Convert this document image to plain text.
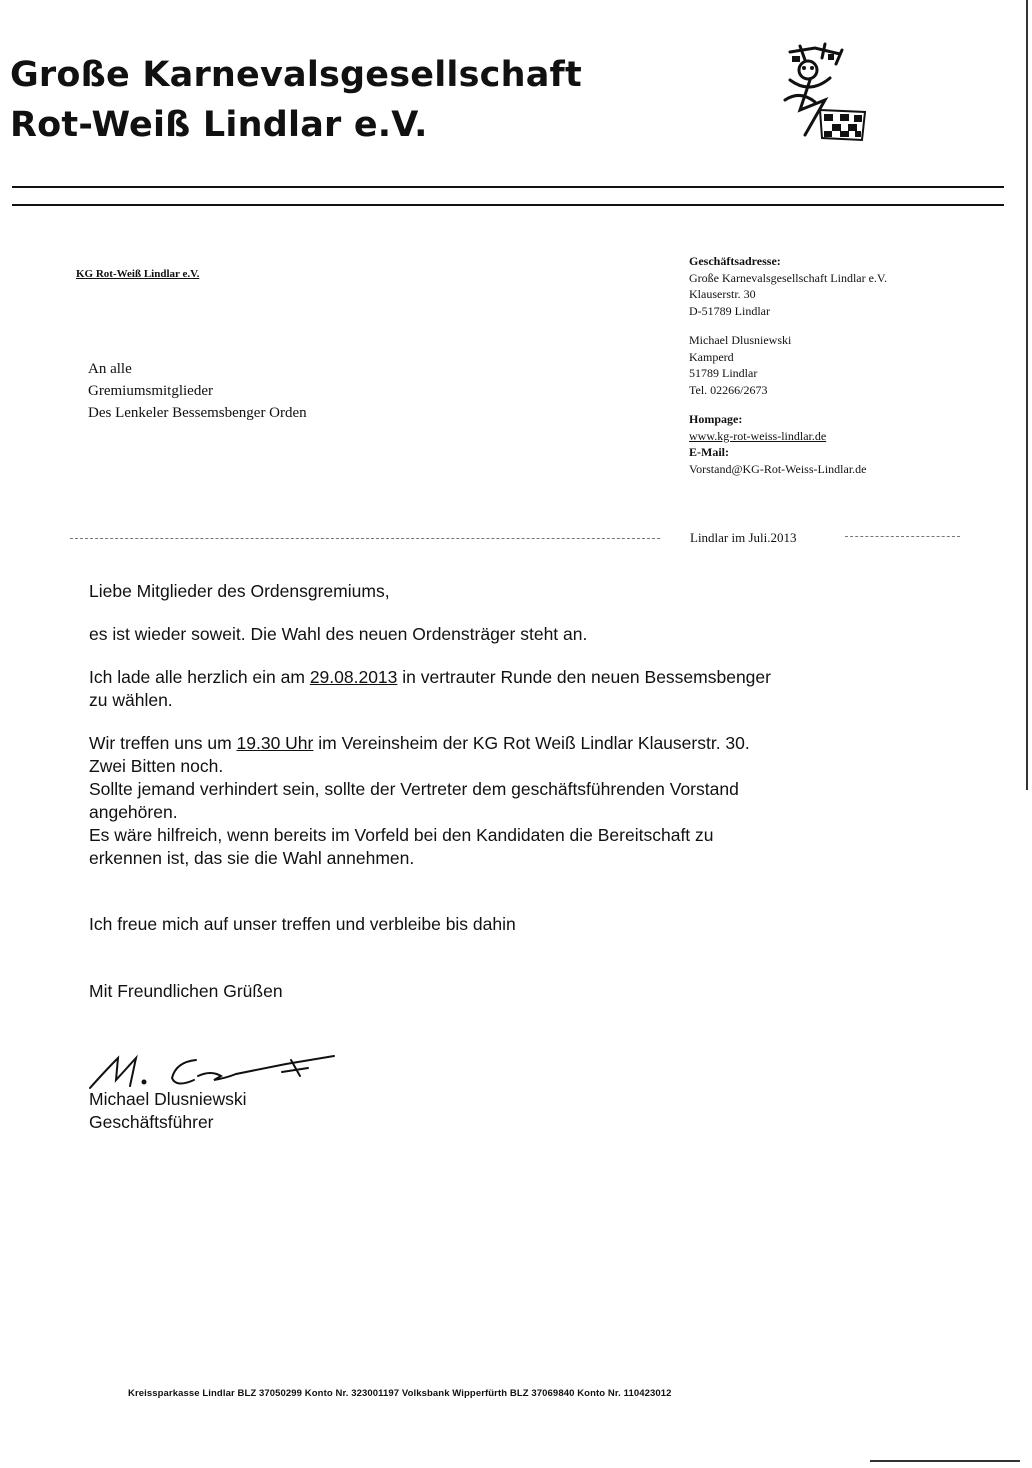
Große Karnevalsgesellschaft
Rot-Weiß Lindlar e.V.
KG Rot-Weiß Lindlar e.V.
An alle
Gremiumsmitglieder
Des Lenkeler Bessemsbenger Orden
Geschäftsadresse:
Große Karnevalsgesellschaft Lindlar e.V.
Klauserstr. 30
D-51789 Lindlar
Michael Dlusniewski
Kamperd
51789 Lindlar
Tel. 02266/2673
Hompage:
www.kg-rot-weiss-lindlar.de
E-Mail:
Vorstand@KG-Rot-Weiss-Lindlar.de
Lindlar im Juli.2013
Liebe Mitglieder des Ordensgremiums,
es ist wieder soweit. Die Wahl des neuen Ordensträger steht an.
Ich lade alle herzlich ein am 29.08.2013 in vertrauter Runde den neuen Bessemsbenger
zu wählen.
Wir treffen uns um 19.30 Uhr im Vereinsheim der KG Rot Weiß Lindlar Klauserstr. 30.
Zwei Bitten noch.
Sollte jemand verhindert sein, sollte der Vertreter dem geschäftsführenden Vorstand
angehören.
Es wäre hilfreich, wenn bereits im Vorfeld bei den Kandidaten die Bereitschaft zu
erkennen ist, das sie die Wahl annehmen.
Ich freue mich auf unser treffen und verbleibe bis dahin
Mit Freundlichen Grüßen
Michael Dlusniewski
Geschäftsführer
Kreissparkasse Lindlar BLZ 37050299 Konto Nr. 323001197 Volksbank Wipperfürth BLZ 37069840 Konto Nr. 110423012
